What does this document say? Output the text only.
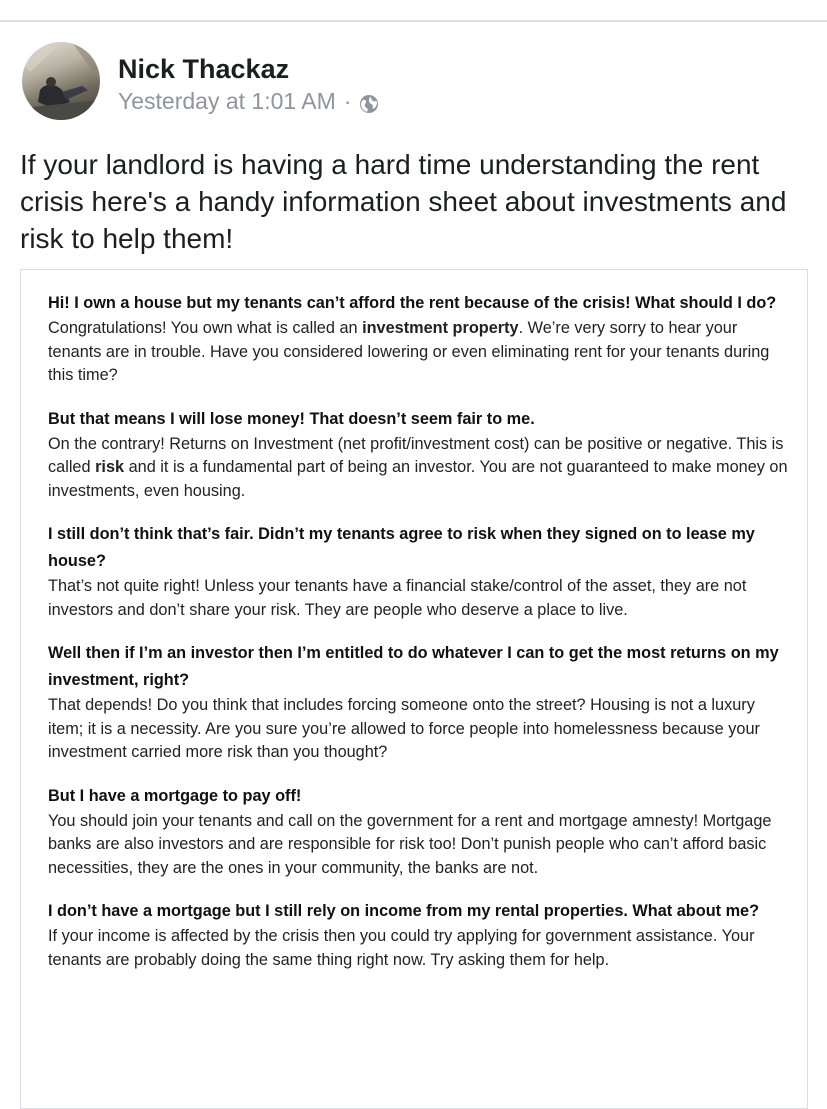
Nick Thackaz
Yesterday at 1:01 AM ·
If your landlord is having a hard time understanding the rent crisis here's a handy information sheet about investments and risk to help them!
Hi! I own a house but my tenants can’t afford the rent because of the crisis! What should I do?
Congratulations! You own what is called an investment property. We’re very sorry to hear your tenants are in trouble. Have you considered lowering or even eliminating rent for your tenants during this time?
But that means I will lose money! That doesn’t seem fair to me.
On the contrary! Returns on Investment (net profit/investment cost) can be positive or negative. This is called risk and it is a fundamental part of being an investor. You are not guaranteed to make money on investments, even housing.
I still don’t think that’s fair. Didn’t my tenants agree to risk when they signed on to lease my house?
That’s not quite right! Unless your tenants have a financial stake/control of the asset, they are not investors and don’t share your risk. They are people who deserve a place to live.
Well then if I’m an investor then I’m entitled to do whatever I can to get the most returns on my investment, right?
That depends! Do you think that includes forcing someone onto the street? Housing is not a luxury item; it is a necessity. Are you sure you’re allowed to force people into homelessness because your investment carried more risk than you thought?
But I have a mortgage to pay off!
You should join your tenants and call on the government for a rent and mortgage amnesty! Mortgage banks are also investors and are responsible for risk too! Don’t punish people who can’t afford basic necessities, they are the ones in your community, the banks are not.
I don’t have a mortgage but I still rely on income from my rental properties. What about me?
If your income is affected by the crisis then you could try applying for government assistance. Your tenants are probably doing the same thing right now. Try asking them for help.
